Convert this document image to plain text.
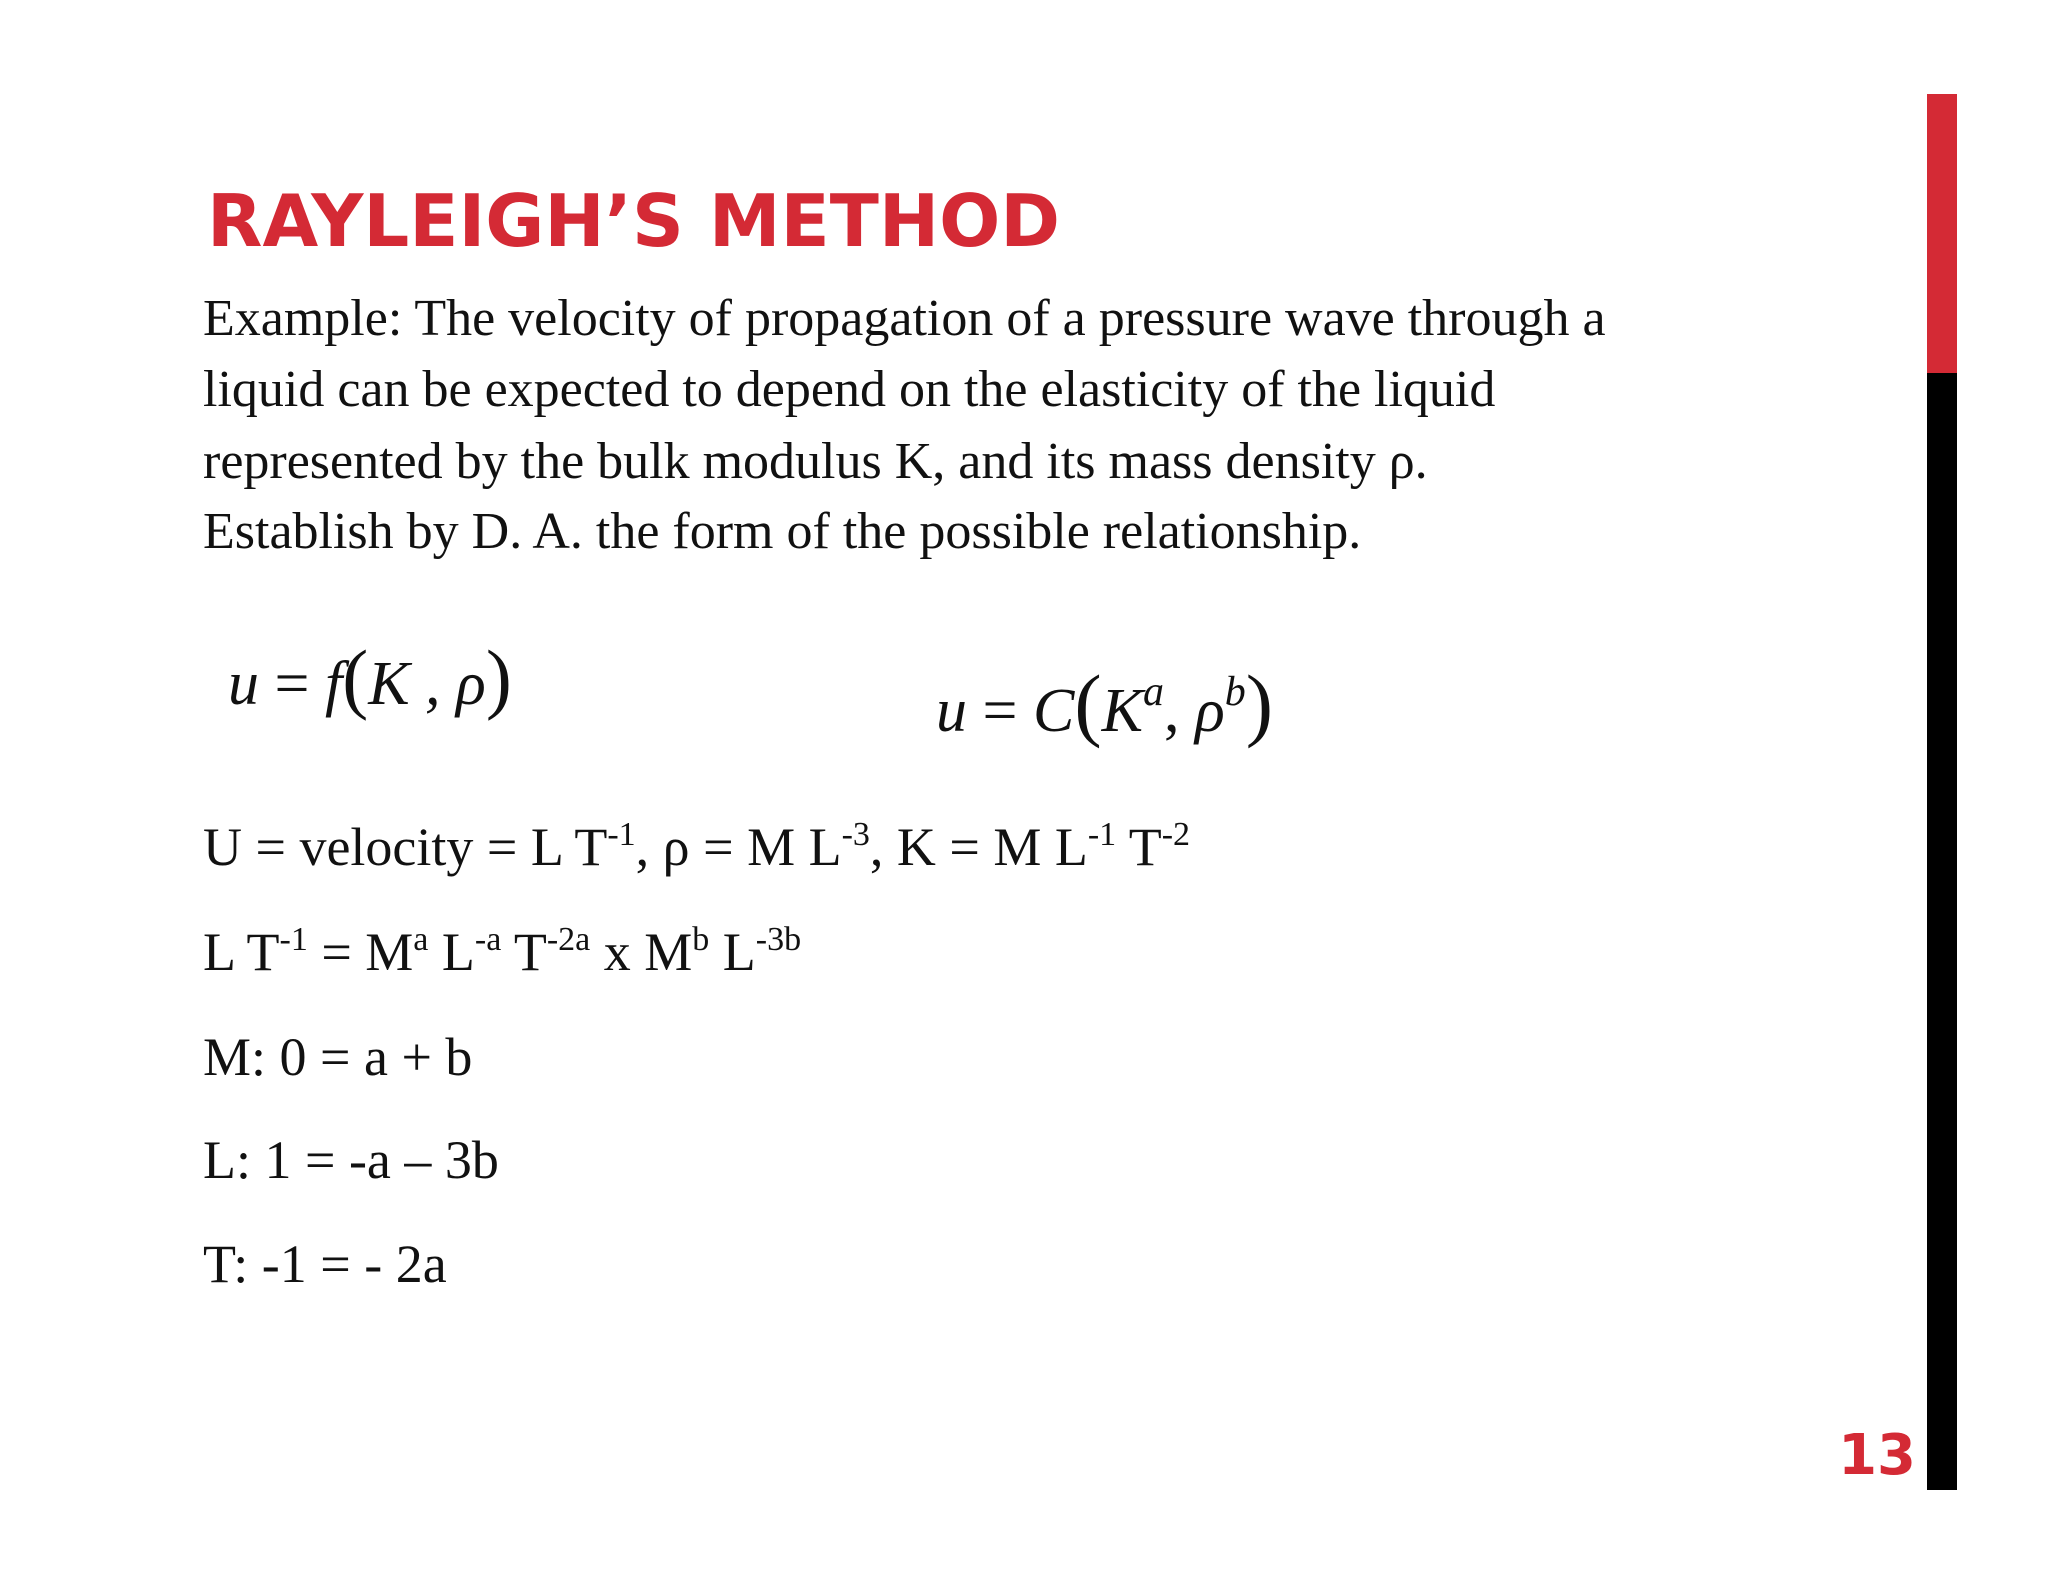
RAYLEIGH’S METHOD
Example: The velocity of propagation of a pressure wave through a
liquid can be expected to depend on the elasticity of the liquid
represented by the bulk modulus K, and its mass density ρ.
Establish by D. A. the form of the possible relationship.
u = f(K , ρ)	$u = C(K^a$, $\rho^b$)
U = velocity = L $T^{-1}$, ρ = M $L^{-3}$, K = M $L^{-1}$ $T^{-2}$
L $T^{-1} = M^a$ $L^{-a}$ $T^{-2a}$ x $M^b$ $L^{-3b}$
M: 0 = a + b
L: 1 = -a – 3b
T: -1 = - 2a
13
